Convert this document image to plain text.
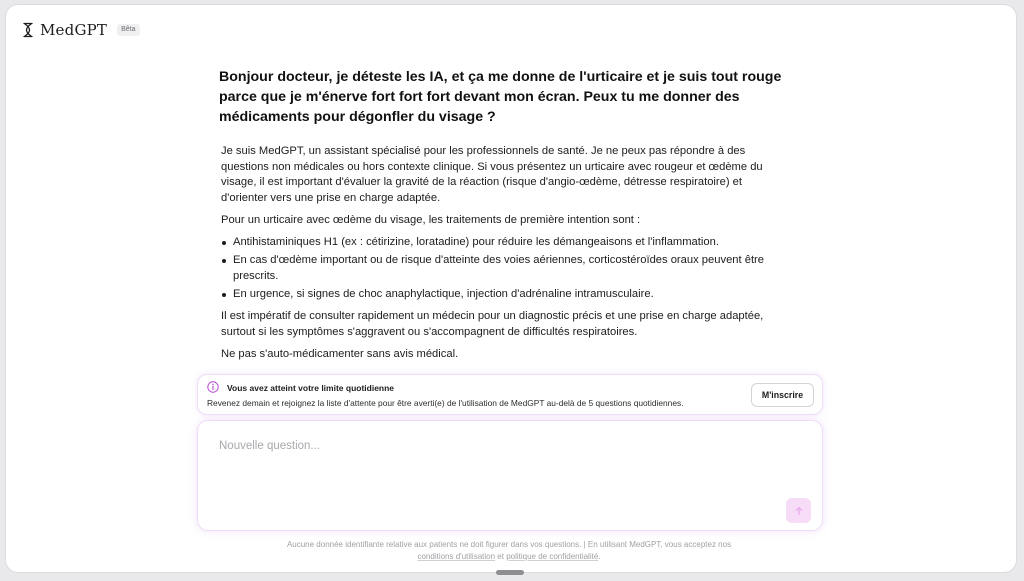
MedGPT	Bêta
Bonjour docteur, je déteste les IA, et ça me donne de l'urticaire et je suis tout rouge parce que je m'énerve fort fort fort devant mon écran. Peux tu me donner des médicaments pour dégonfler du visage ?

Je suis MedGPT, un assistant spécialisé pour les professionnels de santé. Je ne peux pas répondre à des questions non médicales ou hors contexte clinique. Si vous présentez un urticaire avec rougeur et œdème du visage, il est important d'évaluer la gravité de la réaction (risque d'angio-œdème, détresse respiratoire) et d'orienter vers une prise en charge adaptée.

Pour un urticaire avec œdème du visage, les traitements de première intention sont :

Antihistaminiques H1 (ex : cétirizine, loratadine) pour réduire les démangeaisons et l'inflammation.
En cas d'œdème important ou de risque d'atteinte des voies aériennes, corticostéroïdes oraux peuvent être prescrits.
En urgence, si signes de choc anaphylactique, injection d'adrénaline intramusculaire.

Il est impératif de consulter rapidement un médecin pour un diagnostic précis et une prise en charge adaptée, surtout si les symptômes s'aggravent ou s'accompagnent de difficultés respiratoires.

Ne pas s'auto-médicamenter sans avis médical.

Vous avez atteint votre limite quotidienne
Revenez demain et rejoignez la liste d'attente pour être averti(e) de l'utilisation de MedGPT au-delà de 5 questions quotidiennes.
M'inscrire
Nouvelle question...
Aucune donnée identifiante relative aux patients ne doit figurer dans vos questions. | En utilisant MedGPT, vous acceptez nos
conditions d'utilisation et politique de confidentialité.
